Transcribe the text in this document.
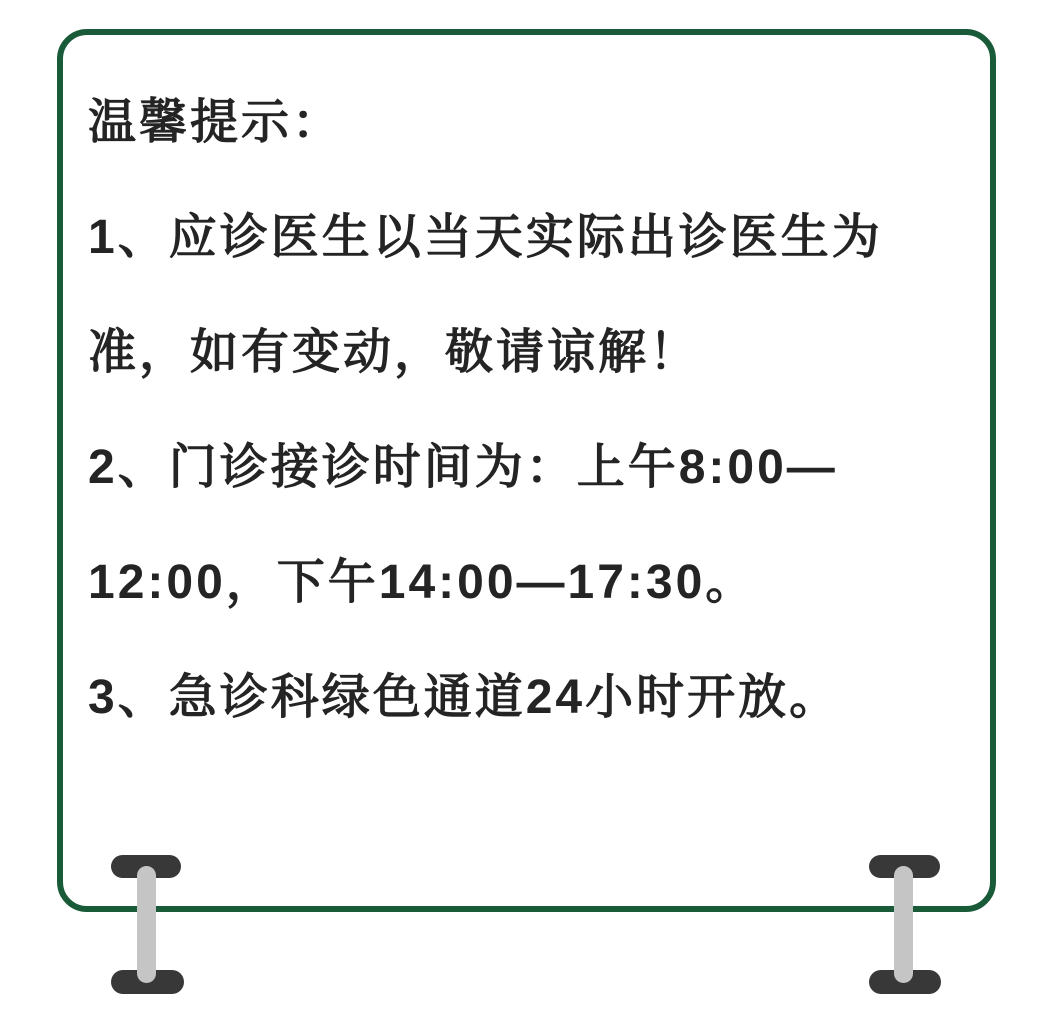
温馨提示：
1、应诊医生以当天实际出诊医生为
准，如有变动，敬请谅解！
2、门诊接诊时间为：上午8:00—
12:00，下午14:00—17:30。
3、急诊科绿色通道24小时开放。
